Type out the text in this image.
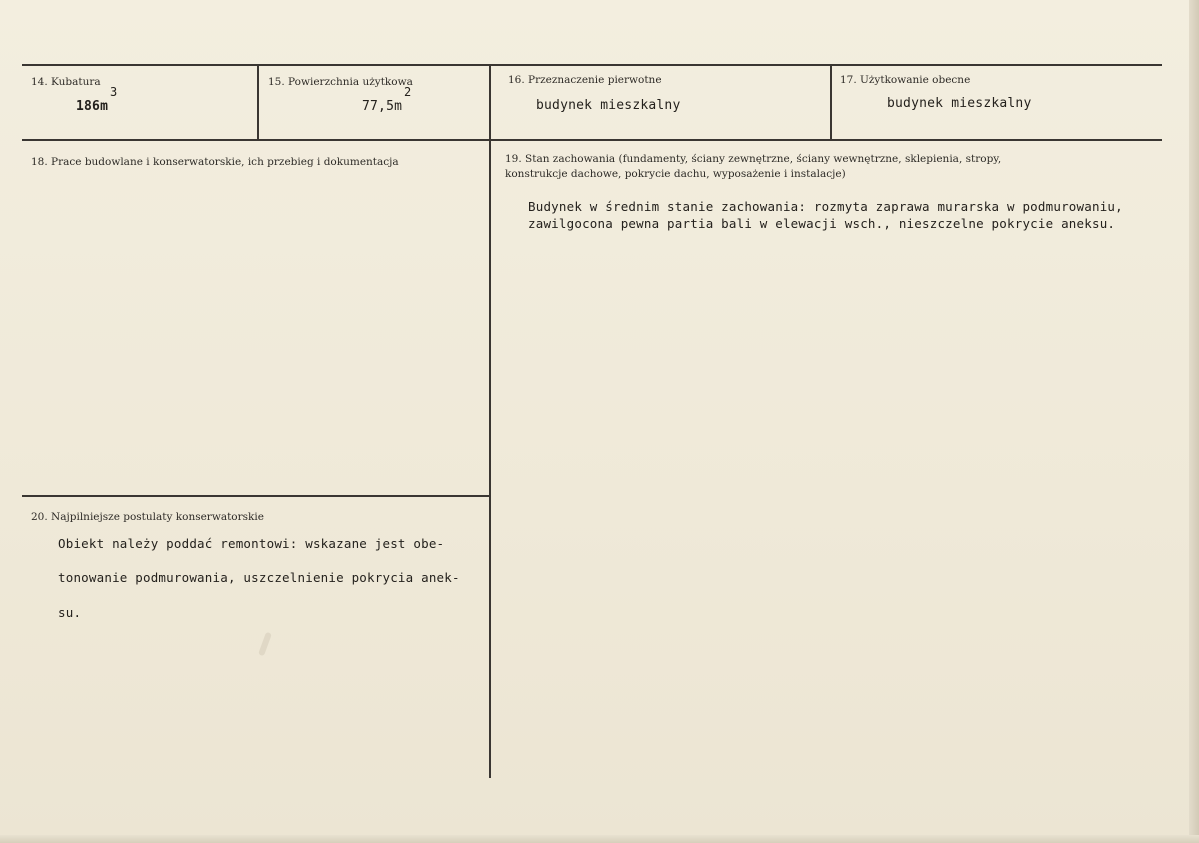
14. Kubatura
186m
3
15. Powierzchnia użytkowa
77,5m
2
16. Przeznaczenie pierwotne
budynek mieszkalny
17. Użytkowanie obecne
budynek mieszkalny
18. Prace budowlane i konserwatorskie, ich przebieg i dokumentacja	19. Stan zachowania (fundamenty, ściany zewnętrzne, ściany wewnętrzne, sklepienia, stropy,
konstrukcje dachowe, pokrycie dachu, wyposażenie i instalacje)
Budynek w średnim stanie zachowania: rozmyta zaprawa murarska w podmurowaniu,
zawilgocona pewna partia bali w elewacji wsch., nieszczelne pokrycie aneksu.
20. Najpilniejsze postulaty konserwatorskie
Obiekt należy poddać remontowi: wskazane jest obe-
tonowanie podmurowania, uszczelnienie pokrycia anek-
su.
